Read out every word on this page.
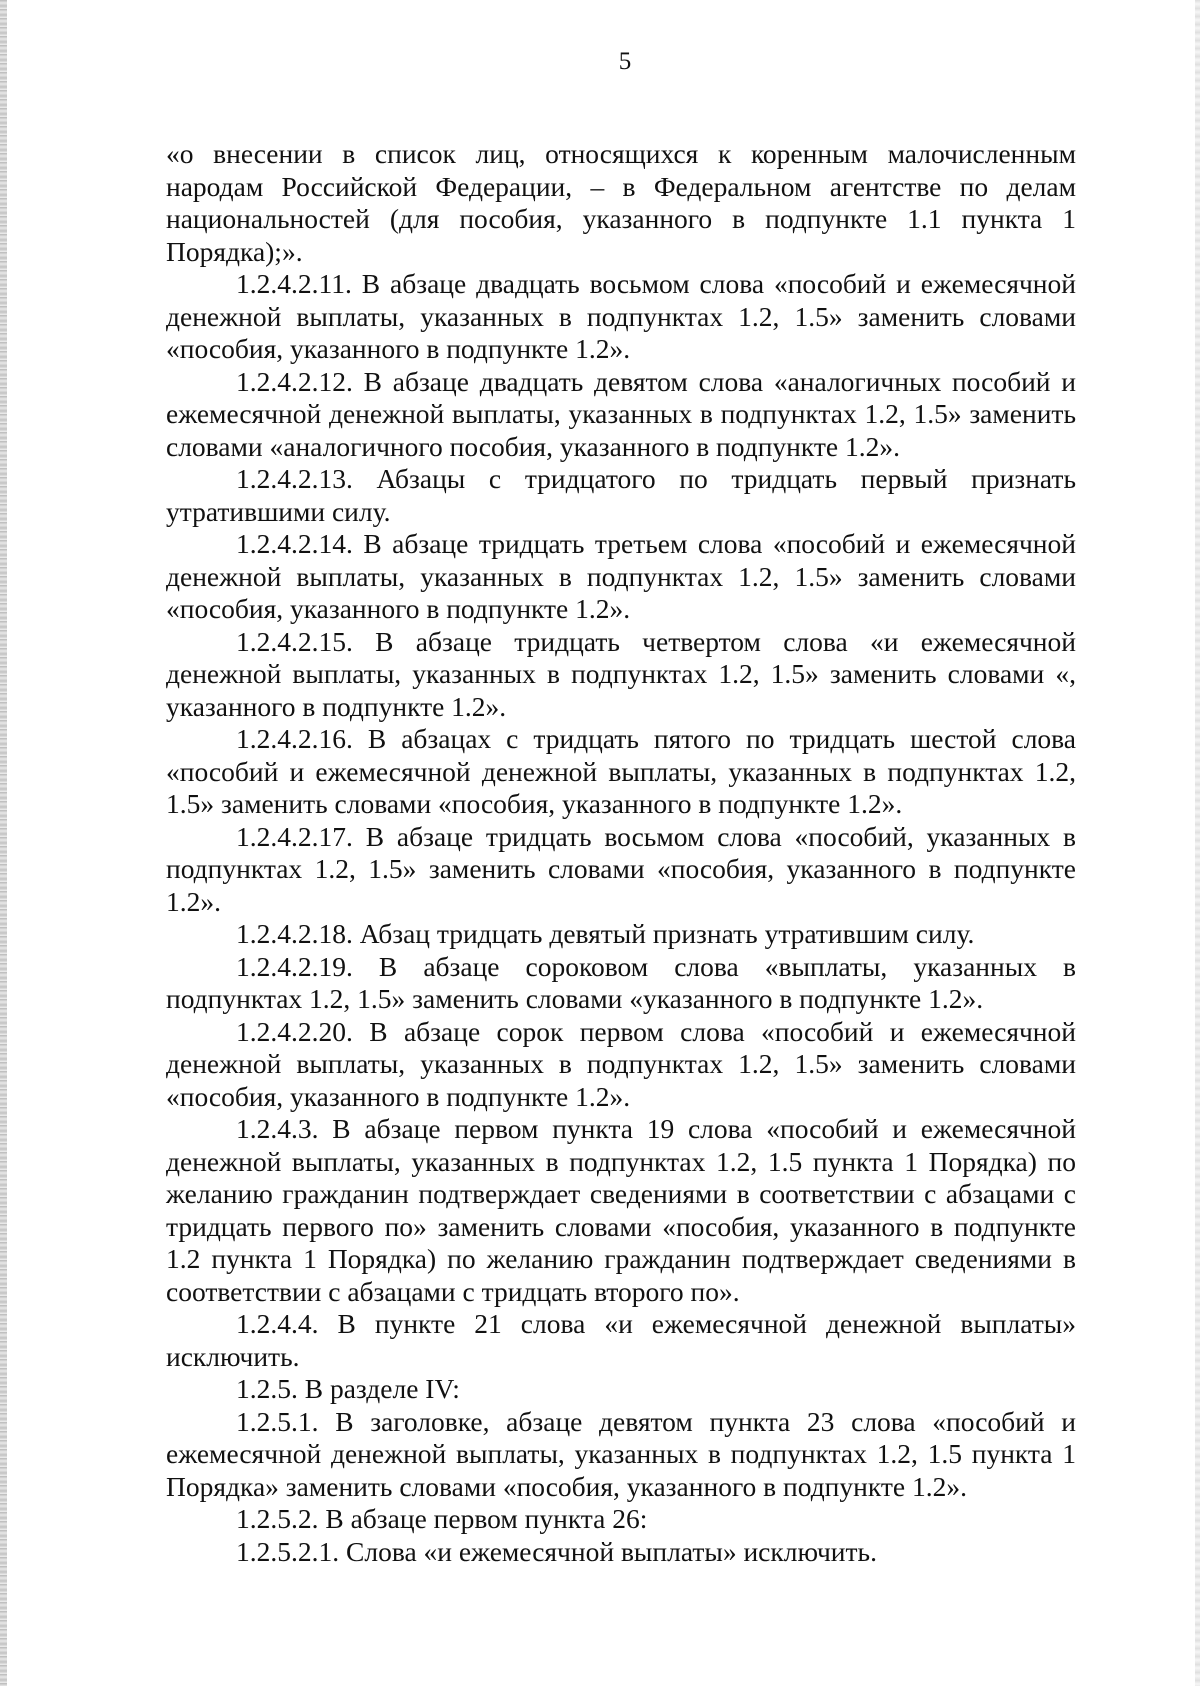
5

«о внесении в список лиц, относящихся к коренным малочисленным народам Российской Федерации, – в Федеральном агентстве по делам национальностей (для пособия, указанного в подпункте 1.1 пункта 1 Порядка);».

1.2.4.2.11. В абзаце двадцать восьмом слова «пособий и ежемесячной денежной выплаты, указанных в подпунктах 1.2, 1.5» заменить словами «пособия, указанного в подпункте 1.2».

1.2.4.2.12. В абзаце двадцать девятом слова «аналогичных пособий и ежемесячной денежной выплаты, указанных в подпунктах 1.2, 1.5» заменить словами «аналогичного пособия, указанного в подпункте 1.2».

1.2.4.2.13. Абзацы с тридцатого по тридцать первый признать утратившими силу.

1.2.4.2.14. В абзаце тридцать третьем слова «пособий и ежемесячной денежной выплаты, указанных в подпунктах 1.2, 1.5» заменить словами «пособия, указанного в подпункте 1.2».

1.2.4.2.15. В абзаце тридцать четвертом слова «и ежемесячной денежной выплаты, указанных в подпунктах 1.2, 1.5» заменить словами «, указанного в подпункте 1.2».

1.2.4.2.16. В абзацах с тридцать пятого по тридцать шестой слова «пособий и ежемесячной денежной выплаты, указанных в подпунктах 1.2, 1.5» заменить словами «пособия, указанного в подпункте 1.2».

1.2.4.2.17. В абзаце тридцать восьмом слова «пособий, указанных в подпунктах 1.2, 1.5» заменить словами «пособия, указанного в подпункте 1.2».

1.2.4.2.18. Абзац тридцать девятый признать утратившим силу.

1.2.4.2.19. В абзаце сороковом слова «выплаты, указанных в подпунктах 1.2, 1.5» заменить словами «указанного в подпункте 1.2».

1.2.4.2.20. В абзаце сорок первом слова «пособий и ежемесячной денежной выплаты, указанных в подпунктах 1.2, 1.5» заменить словами «пособия, указанного в подпункте 1.2».

1.2.4.3. В абзаце первом пункта 19 слова «пособий и ежемесячной денежной выплаты, указанных в подпунктах 1.2, 1.5 пункта 1 Порядка) по желанию гражданин подтверждает сведениями в соответствии с абзацами с тридцать первого по» заменить словами «пособия, указанного в подпункте 1.2 пункта 1 Порядка) по желанию гражданин подтверждает сведениями в соответствии с абзацами с тридцать второго по».

1.2.4.4. В пункте 21 слова «и ежемесячной денежной выплаты» исключить.

1.2.5. В разделе IV:

1.2.5.1. В заголовке, абзаце девятом пункта 23 слова «пособий и ежемесячной денежной выплаты, указанных в подпунктах 1.2, 1.5 пункта 1 Порядка» заменить словами «пособия, указанного в подпункте 1.2».

1.2.5.2. В абзаце первом пункта 26:

1.2.5.2.1. Слова «и ежемесячной выплаты» исключить.
